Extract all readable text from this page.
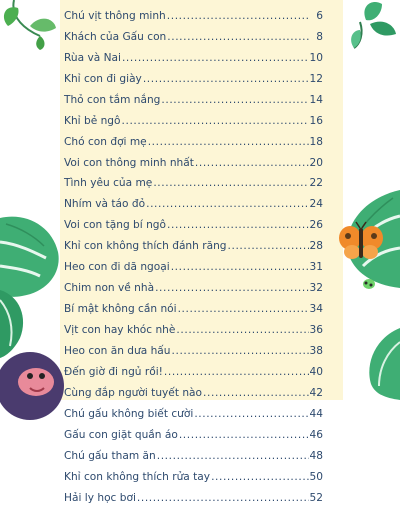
.....
Chú vịt thông minh .....	6
Khách của Gấu con .....	8
Rùa và Nai .....	10
Khỉ con đi giày .....	12
Thỏ con tắm nắng .....	14
Khỉ bẻ ngô .....	16
Chó con đợi mẹ .....	18
Voi con thông minh nhất .....	20
Tình yêu của mẹ .....	22
Nhím và táo đỏ .....	24
Voi con tặng bí ngô .....	26
Khỉ con không thích đánh răng .....	28
Heo con đi dã ngoại .....	31
Chim non về nhà .....	32
Bí mật không cần nói .....	34
Vịt con hay khóc nhè .....	36
Heo con ăn dưa hấu .....	38
Đến giờ đi ngủ rồi! .....	40
Cùng đắp người tuyết nào .....	42
Chú gấu không biết cười .....	44
Gấu con giặt quần áo .....	46
Chú gấu tham ăn .....	48
Khỉ con không thích rửa tay .....	50
Hải ly học bơi .....	52
